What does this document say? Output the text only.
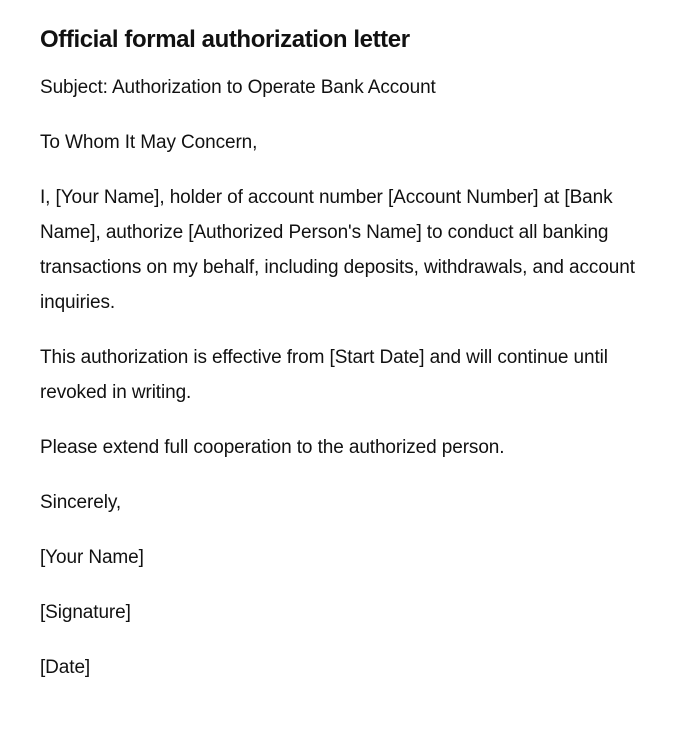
Official formal authorization letter

Subject: Authorization to Operate Bank Account

To Whom It May Concern,

I, [Your Name], holder of account number [Account Number] at [Bank Name], authorize [Authorized Person's Name] to conduct all banking transactions on my behalf, including deposits, withdrawals, and account inquiries.

This authorization is effective from [Start Date] and will continue until revoked in writing.

Please extend full cooperation to the authorized person.

Sincerely,

[Your Name]

[Signature]

[Date]
